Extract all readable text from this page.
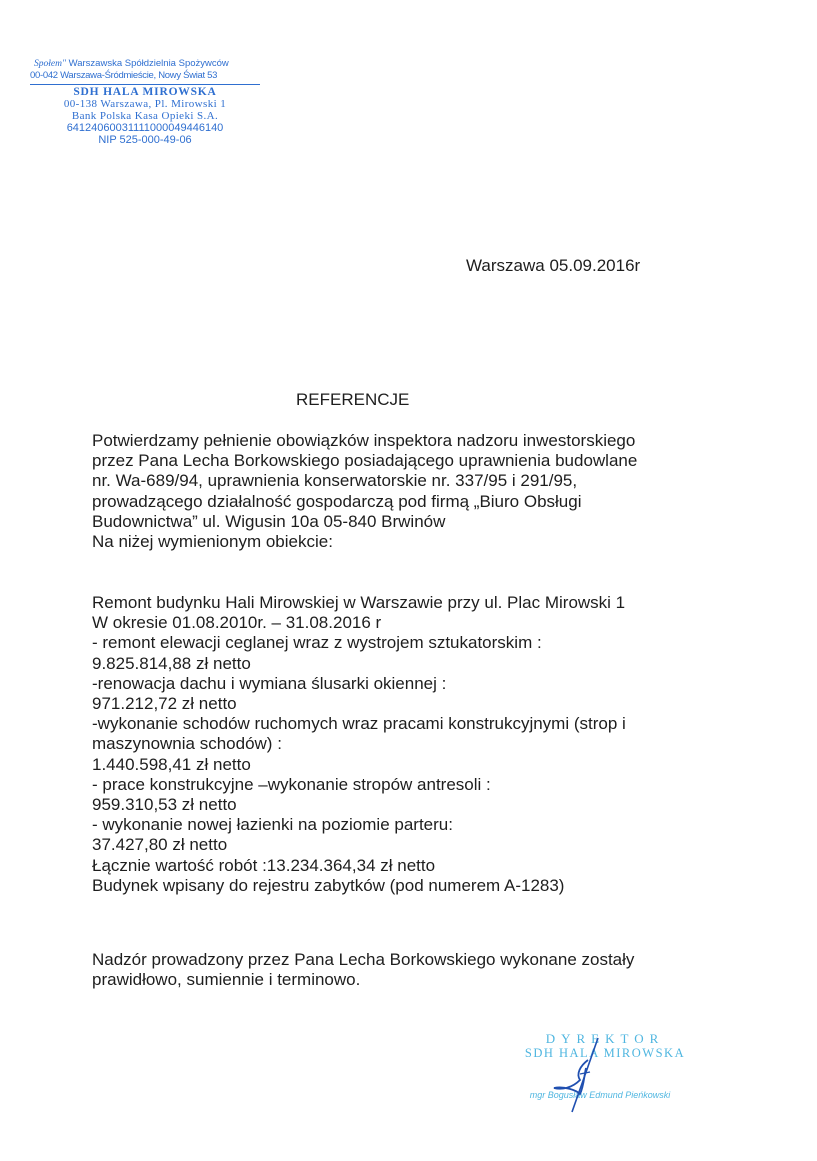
Społem" Warszawska Spółdzielnia Spożywców
00-042 Warszawa-Śródmieście, Nowy Świat 53
SDH HALA MIROWSKA
00-138 Warszawa, Pl. Mirowski 1
Bank Polska Kasa Opieki S.A.
64124060031111000049446140
NIP 525-000-49-06
Warszawa 05.09.2016r
REFERENCJE
Potwierdzamy pełnienie obowiązków inspektora nadzoru inwestorskiego
przez Pana Lecha Borkowskiego posiadającego uprawnienia budowlane
nr. Wa-689/94, uprawnienia konserwatorskie nr. 337/95 i 291/95,
prowadzącego działalność gospodarczą pod firmą „Biuro Obsługi
Budownictwa” ul. Wigusin 10a 05-840 Brwinów
Na niżej wymienionym obiekcie:
Remont budynku Hali Mirowskiej w Warszawie przy ul. Plac Mirowski 1
W okresie 01.08.2010r. – 31.08.2016 r
- remont elewacji ceglanej wraz z wystrojem sztukatorskim :
9.825.814,88 zł netto
-renowacja dachu i wymiana ślusarki okiennej :
971.212,72 zł netto
-wykonanie schodów ruchomych wraz pracami konstrukcyjnymi (strop i
maszynownia schodów) :
1.440.598,41 zł netto
- prace konstrukcyjne –wykonanie stropów antresoli :
959.310,53 zł netto
- wykonanie nowej łazienki na poziomie parteru:
37.427,80 zł netto
Łącznie wartość robót :13.234.364,34 zł netto
Budynek wpisany do rejestru zabytków (pod numerem A-1283)
Nadzór prowadzony przez Pana Lecha Borkowskiego wykonane zostały
prawidłowo, sumiennie i terminowo.
DYREKTOR
SDH HALA MIROWSKA
mgr Bogusław Edmund Pieńkowski
